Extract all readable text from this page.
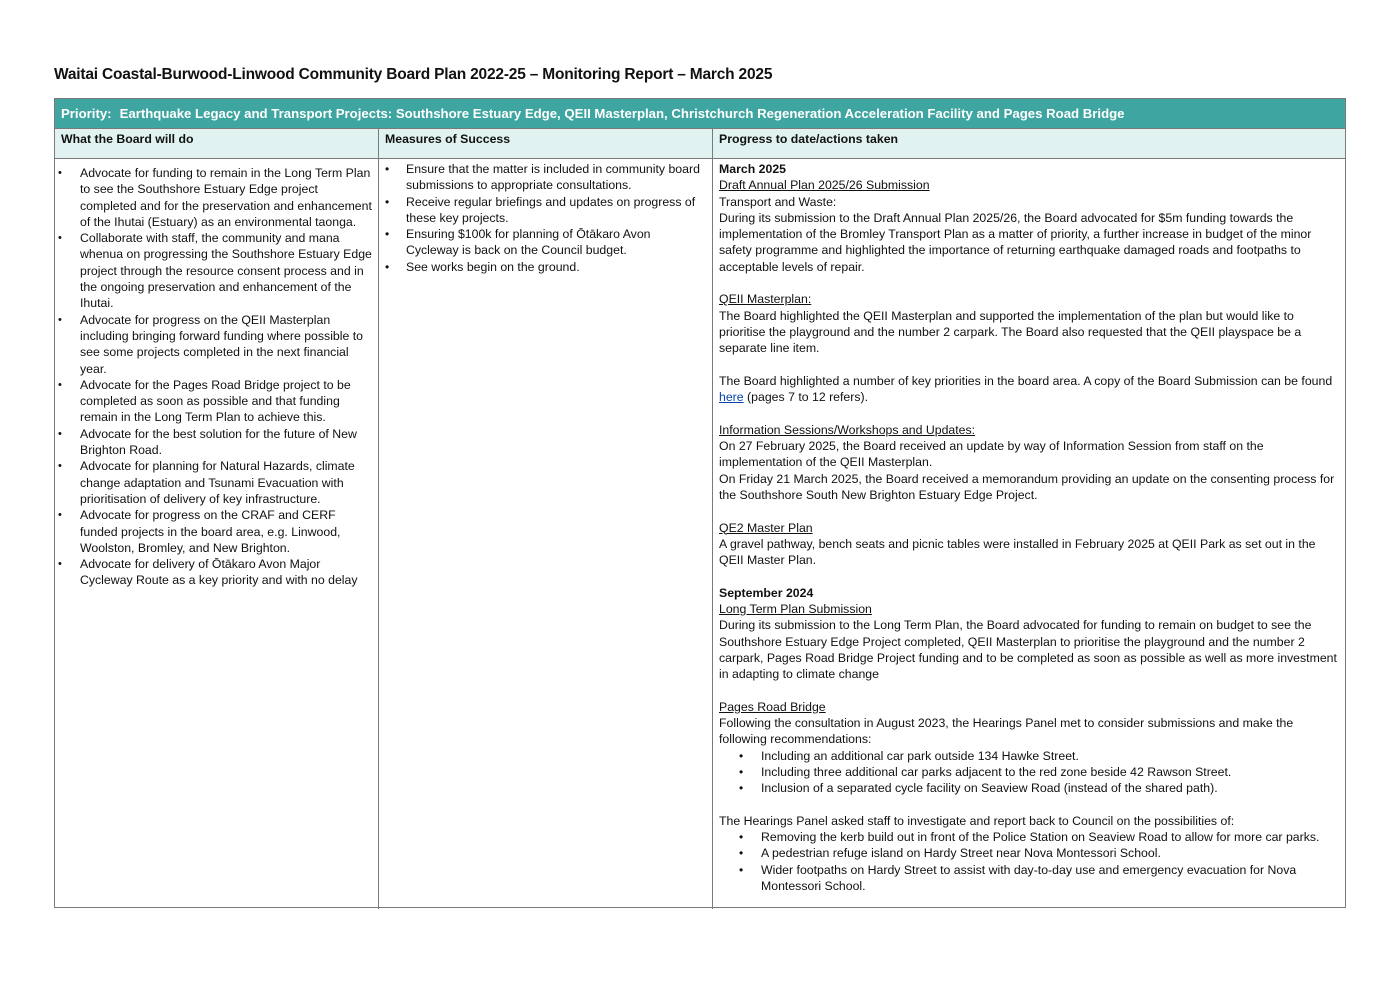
Waitai Coastal-Burwood-Linwood Community Board Plan 2022-25 – Monitoring Report – March 2025
Priority: Earthquake Legacy and Transport Projects: Southshore Estuary Edge, QEII Masterplan, Christchurch Regeneration Acceleration Facility and Pages Road Bridge
What the Board will do	Measures of Success	Progress to date/actions taken
• Advocate for funding to remain in the Long Term Plan to see the Southshore Estuary Edge project completed and for the preservation and enhancement of the Ihutai (Estuary) as an environmental taonga.
• Collaborate with staff, the community and mana whenua on progressing the Southshore Estuary Edge project through the resource consent process and in the ongoing preservation and enhancement of the Ihutai.
• Advocate for progress on the QEII Masterplan including bringing forward funding where possible to see some projects completed in the next financial year.
• Advocate for the Pages Road Bridge project to be completed as soon as possible and that funding remain in the Long Term Plan to achieve this.
• Advocate for the best solution for the future of New Brighton Road.
• Advocate for planning for Natural Hazards, climate change adaptation and Tsunami Evacuation with prioritisation of delivery of key infrastructure.
• Advocate for progress on the CRAF and CERF funded projects in the board area, e.g. Linwood, Woolston, Bromley, and New Brighton.
• Advocate for delivery of Ōtākaro Avon Major Cycleway Route as a key priority and with no delay
• Ensure that the matter is included in community board submissions to appropriate consultations.
• Receive regular briefings and updates on progress of these key projects.
• Ensuring $100k for planning of Ōtākaro Avon Cycleway is back on the Council budget.
• See works begin on the ground.

March 2025

Draft Annual Plan 2025/26 Submission

Transport and Waste:

During its submission to the Draft Annual Plan 2025/26, the Board advocated for $5m funding towards the implementation of the Bromley Transport Plan as a matter of priority, a further increase in budget of the minor safety programme and highlighted the importance of returning earthquake damaged roads and footpaths to acceptable levels of repair.

QEII Masterplan:

The Board highlighted the QEII Masterplan and supported the implementation of the plan but would like to prioritise the playground and the number 2 carpark. The Board also requested that the QEII playspace be a separate line item.

The Board highlighted a number of key priorities in the board area. A copy of the Board Submission can be found here (pages 7 to 12 refers).

Information Sessions/Workshops and Updates:

On 27 February 2025, the Board received an update by way of Information Session from staff on the implementation of the QEII Masterplan.

On Friday 21 March 2025, the Board received a memorandum providing an update on the consenting process for the Southshore South New Brighton Estuary Edge Project.

QE2 Master Plan

A gravel pathway, bench seats and picnic tables were installed in February 2025 at QEII Park as set out in the QEII Master Plan.

September 2024

Long Term Plan Submission

During its submission to the Long Term Plan, the Board advocated for funding to remain on budget to see the Southshore Estuary Edge Project completed, QEII Masterplan to prioritise the playground and the number 2 carpark, Pages Road Bridge Project funding and to be completed as soon as possible as well as more investment in adapting to climate change

Pages Road Bridge

Following the consultation in August 2023, the Hearings Panel met to consider submissions and make the following recommendations:

• Including an additional car park outside 134 Hawke Street.
• Including three additional car parks adjacent to the red zone beside 42 Rawson Street.
• Inclusion of a separated cycle facility on Seaview Road (instead of the shared path).

The Hearings Panel asked staff to investigate and report back to Council on the possibilities of:

• Removing the kerb build out in front of the Police Station on Seaview Road to allow for more car parks.
• A pedestrian refuge island on Hardy Street near Nova Montessori School.
• Wider footpaths on Hardy Street to assist with day-to-day use and emergency evacuation for Nova Montessori School.
